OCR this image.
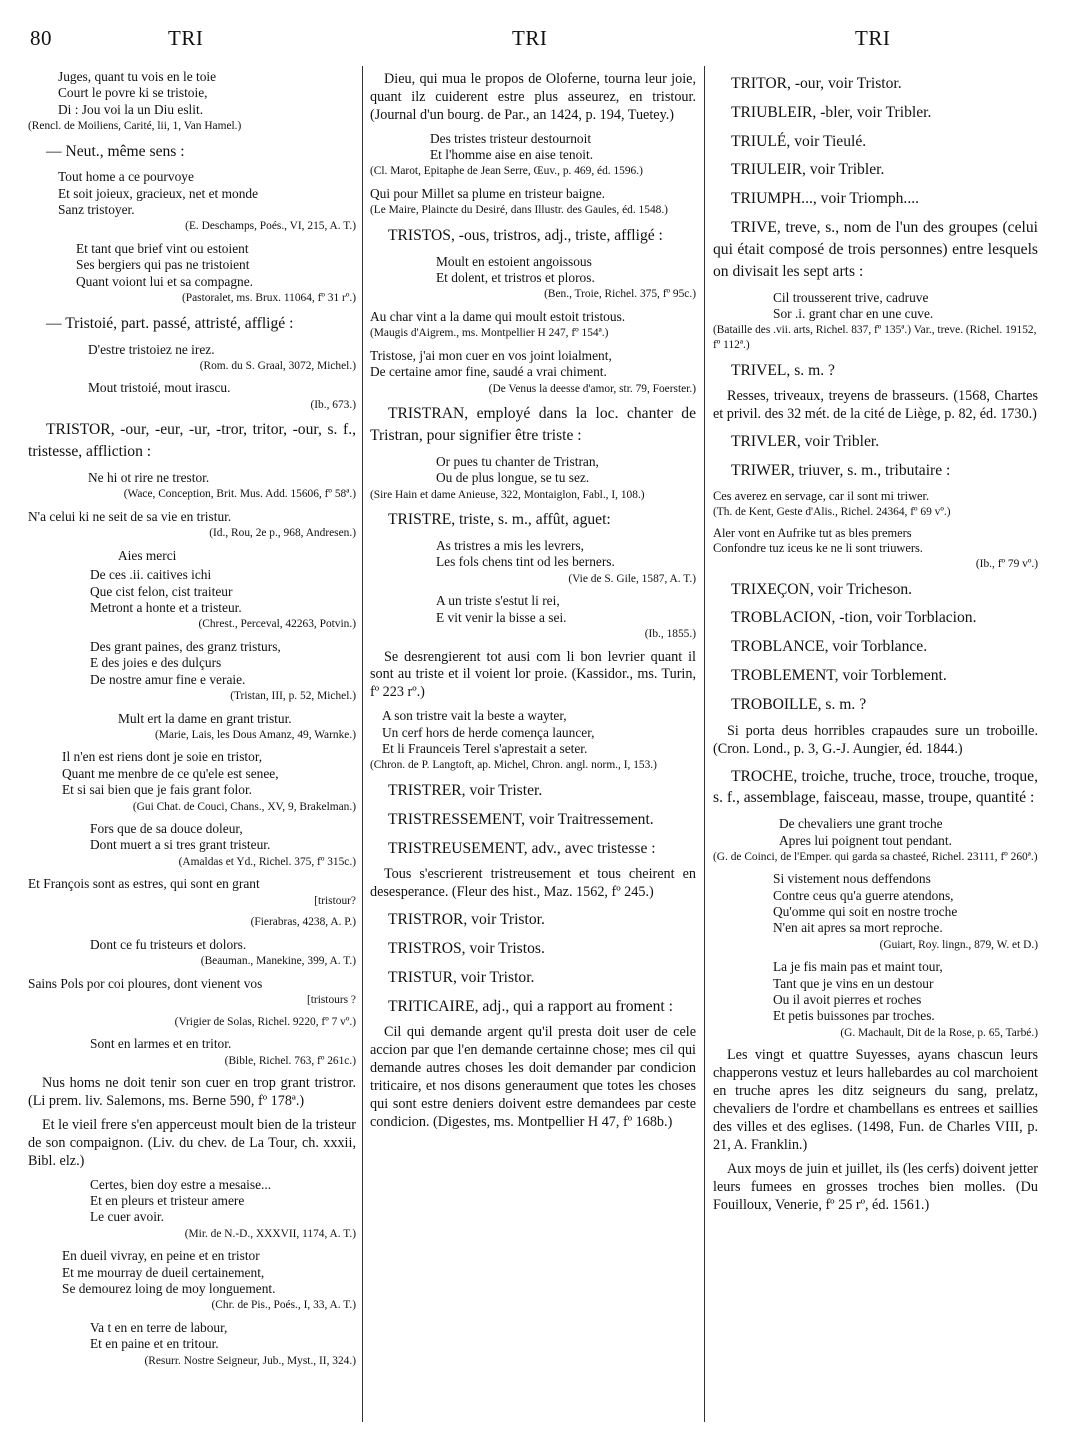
80	TRI	TRI	TRI
Juges, quant tu vois en le toie
Court le povre ki se tristoie,
Di : Jou voi la un Diu eslit.

(Rencl. de Moiliens, Carité, lii, 1, Van Hamel.)

— Neut., même sens :

Tout home a ce pourvoye
Et soit joieux, gracieux, net et monde
Sanz tristoyer.

(E. Deschamps, Poés., VI, 215, A. T.)

Et tant que brief vint ou estoient
Ses bergiers qui pas ne tristoient
Quant voiont lui et sa compagne.

(Pastoralet, ms. Brux. 11064, fº 31 rº.)

— Tristoié, part. passé, attristé, affligé :

D'estre tristoiez ne irez.

(Rom. du S. Graal, 3072, Michel.)

Mout tristoié, mout irascu.

(Ib., 673.)

TRISTOR, -our, -eur, -ur, -tror, tritor, -our, s. f., tristesse, affliction :

Ne hi ot rire ne trestor.

(Wace, Conception, Brit. Mus. Add. 15606, fº 58ª.)

N'a celui ki ne seit de sa vie en tristur.

(Id., Rou, 2e p., 968, Andresen.)

Aies merci
De ces .ii. caitives ichi
Que cist felon, cist traiteur
Metront a honte et a tristeur.

(Chrest., Perceval, 42263, Potvin.)

Des grant paines, des granz tristurs,
E des joies e des dulçurs
De nostre amur fine e veraie.

(Tristan, III, p. 52, Michel.)

Mult ert la dame en grant tristur.

(Marie, Lais, les Dous Amanz, 49, Warnke.)

Il n'en est riens dont je soie en tristor,
Quant me menbre de ce qu'ele est senee,
Et si sai bien que je fais grant folor.

(Gui Chat. de Couci, Chans., XV, 9, Brakelman.)

Fors que de sa douce doleur,
Dont muert a si tres grant tristeur.

(Amaldas et Yd., Richel. 375, fº 315c.)

Et François sont as estres, qui sont en grant

[tristour?

(Fierabras, 4238, A. P.)

Dont ce fu tristeurs et dolors.

(Beauman., Manekine, 399, A. T.)

Sains Pols por coi ploures, dont vienent vos

[tristours ?

(Vrigier de Solas, Richel. 9220, fº 7 vº.)

Sont en larmes et en tritor.

(Bible, Richel. 763, fº 261c.)

Nus homs ne doit tenir son cuer en trop grant tristror. (Li prem. liv. Salemons, ms. Berne 590, fº 178ª.)

Et le vieil frere s'en apperceust moult bien de la tristeur de son compaignon. (Liv. du chev. de La Tour, ch. xxxii, Bibl. elz.)

Certes, bien doy estre a mesaise...
Et en pleurs et tristeur amere
Le cuer avoir.

(Mir. de N.-D., XXXVII, 1174, A. T.)

En dueil vivray, en peine et en tristor
Et me mourray de dueil certainement,
Se demourez loing de moy longuement.

(Chr. de Pis., Poés., I, 33, A. T.)

Va t en en terre de labour,
Et en paine et en tritour.

(Resurr. Nostre Seigneur, Jub., Myst., II, 324.)

Dieu, qui mua le propos de Oloferne, tourna leur joie, quant ilz cuiderent estre plus asseurez, en tristour. (Journal d'un bourg. de Par., an 1424, p. 194, Tuetey.)

Des tristes tristeur destournoit
Et l'homme aise en aise tenoit.

(Cl. Marot, Epitaphe de Jean Serre, Œuv., p. 469, éd. 1596.)

Qui pour Millet sa plume en tristeur baigne.

(Le Maire, Plaincte du Desiré, dans Illustr. des Gaules, éd. 1548.)

TRISTOS, -ous, tristros, adj., triste, affligé :

Moult en estoient angoissous
Et dolent, et tristros et ploros.

(Ben., Troie, Richel. 375, fº 95c.)

Au char vint a la dame qui moult estoit tristous.

(Maugis d'Aigrem., ms. Montpellier H 247, fº 154ª.)

Tristose, j'ai mon cuer en vos joint loialment,
De certaine amor fine, saudé a vrai chiment.

(De Venus la deesse d'amor, str. 79, Foerster.)

TRISTRAN, employé dans la loc. chanter de Tristran, pour signifier être triste :

Or pues tu chanter de Tristran,
Ou de plus longue, se tu sez.

(Sire Hain et dame Anieuse, 322, Montaiglon, Fabl., I, 108.)

TRISTRE, triste, s. m., affût, aguet:

As tristres a mis les levrers,
Les fols chens tint od les berners.

(Vie de S. Gile, 1587, A. T.)

A un triste s'estut li rei,
E vit venir la bisse a sei.

(Ib., 1855.)

Se desrengierent tot ausi com li bon levrier quant il sont au triste et il voient lor proie. (Kassidor., ms. Turin, fº 223 rº.)

A son tristre vait la beste a wayter,
Un cerf hors de herde comença launcer,
Et li Fraunceis Terel s'aprestait a seter.

(Chron. de P. Langtoft, ap. Michel, Chron. angl. norm., I, 153.)

TRISTRER, voir Trister.

TRISTRESSEMENT, voir Traitressement.

TRISTREUSEMENT, adv., avec tristesse :

Tous s'escrierent tristreusement et tous cheirent en desesperance. (Fleur des hist., Maz. 1562, fº 245.)

TRISTROR, voir Tristor.

TRISTROS, voir Tristos.

TRISTUR, voir Tristor.

TRITICAIRE, adj., qui a rapport au froment :

Cil qui demande argent qu'il presta doit user de cele accion par que l'en demande certainne chose; mes cil qui demande autres choses les doit demander par condicion triticaire, et nos disons generaument que totes les choses qui sont estre deniers doivent estre demandees par ceste condicion. (Digestes, ms. Montpellier H 47, fº 168b.)

TRITOR, -our, voir Tristor.

TRIUBLEIR, -bler, voir Tribler.

TRIULÉ, voir Tieulé.

TRIULEIR, voir Tribler.

TRIUMPH..., voir Triomph....

TRIVE, treve, s., nom de l'un des groupes (celui qui était composé de trois personnes) entre lesquels on divisait les sept arts :

Cil trousserent trive, cadruve
Sor .i. grant char en une cuve.

(Bataille des .vii. arts, Richel. 837, fº 135ª.) Var., treve. (Richel. 19152, fº 112ª.)

TRIVEL, s. m. ?

Resses, triveaux, treyens de brasseurs. (1568, Chartes et privil. des 32 mét. de la cité de Liège, p. 82, éd. 1730.)

TRIVLER, voir Tribler.

TRIWER, triuver, s. m., tributaire :

Ces averez en servage, car il sont mi triwer.

(Th. de Kent, Geste d'Alis., Richel. 24364, fº 69 vº.)

Aler vont en Aufrike tut as bles premers
Confondre tuz iceus ke ne li sont triuwers.

(Ib., fº 79 vº.)

TRIXEÇON, voir Tricheson.

TROBLACION, -tion, voir Torblacion.

TROBLANCE, voir Torblance.

TROBLEMENT, voir Torblement.

TROBOILLE, s. m. ?

Si porta deus horribles crapaudes sure un troboille. (Cron. Lond., p. 3, G.-J. Aungier, éd. 1844.)

TROCHE, troiche, truche, troce, trouche, troque, s. f., assemblage, faisceau, masse, troupe, quantité :

De chevaliers une grant troche
Apres lui poignent tout pendant.

(G. de Coinci, de l'Emper. qui garda sa chasteé, Richel. 23111, fº 260ª.)

Si vistement nous deffendons
Contre ceus qu'a guerre atendons,
Qu'omme qui soit en nostre troche
N'en ait apres sa mort reproche.

(Guiart, Roy. lingn., 879, W. et D.)

La je fis main pas et maint tour,
Tant que je vins en un destour
Ou il avoit pierres et roches
Et petis buissones par troches.

(G. Machault, Dit de la Rose, p. 65, Tarbé.)

Les vingt et quattre Suyesses, ayans chascun leurs chapperons vestuz et leurs hallebardes au col marchoient en truche apres les ditz seigneurs du sang, prelatz, chevaliers de l'ordre et chambellans es entrees et saillies des villes et des eglises. (1498, Fun. de Charles VIII, p. 21, A. Franklin.)

Aux moys de juin et juillet, ils (les cerfs) doivent jetter leurs fumees en grosses troches bien molles. (Du Fouilloux, Venerie, fº 25 rº, éd. 1561.)
